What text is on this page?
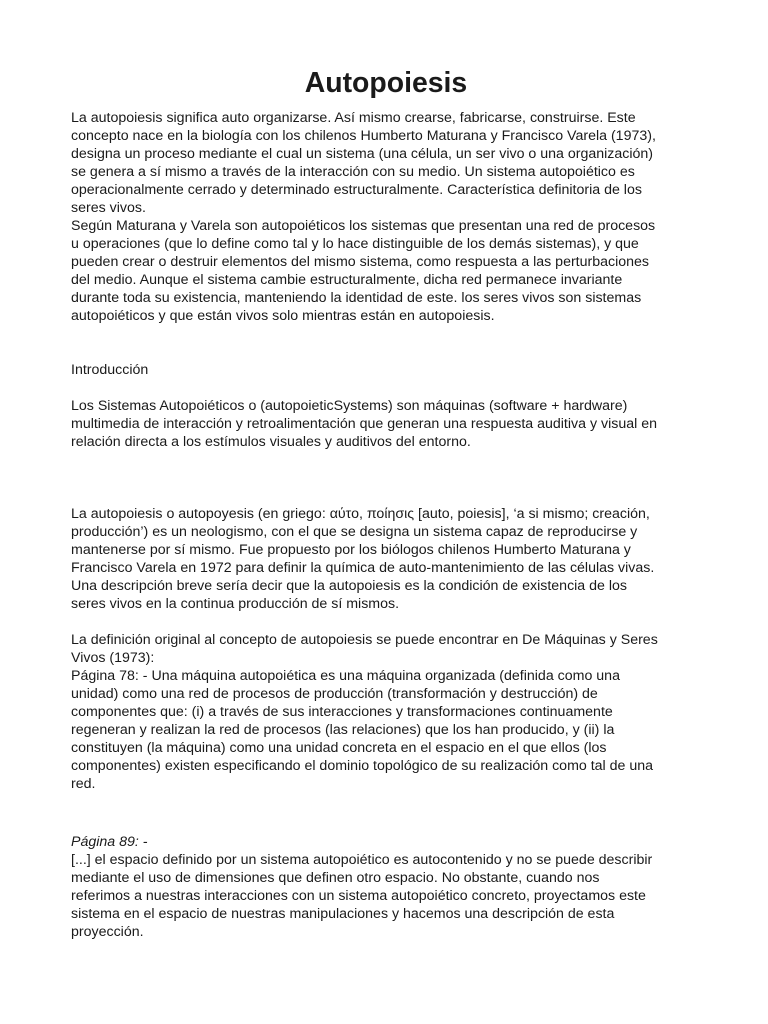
Autopoiesis

La autopoiesis significa auto organizarse. Así mismo crearse, fabricarse, construirse. Este
concepto nace en la biología con los chilenos Humberto Maturana y Francisco Varela (1973),
designa un proceso mediante el cual un sistema (una célula, un ser vivo o una organización)
se genera a sí mismo a través de la interacción con su medio. Un sistema autopoiético es
operacionalmente cerrado y determinado estructuralmente. Característica definitoria de los
seres vivos.

Según Maturana y Varela son autopoiéticos los sistemas que presentan una red de procesos
u operaciones (que lo define como tal y lo hace distinguible de los demás sistemas), y que
pueden crear o destruir elementos del mismo sistema, como respuesta a las perturbaciones
del medio. Aunque el sistema cambie estructuralmente, dicha red permanece invariante
durante toda su existencia, manteniendo la identidad de este. los seres vivos son sistemas
autopoiéticos y que están vivos solo mientras están en autopoiesis.

Introducción

Los Sistemas Autopoiéticos o (autopoieticSystems) son máquinas (software + hardware)
multimedia de interacción y retroalimentación que generan una respuesta auditiva y visual en
relación directa a los estímulos visuales y auditivos del entorno.

La autopoiesis o autopoyesis (en griego: αύτο, ποίησις [auto, poiesis], ‘a si mismo; creación,
producción’) es un neologismo, con el que se designa un sistema capaz de reproducirse y
mantenerse por sí mismo. Fue propuesto por los biólogos chilenos Humberto Maturana y
Francisco Varela en 1972 para definir la química de auto-mantenimiento de las células vivas.
Una descripción breve sería decir que la autopoiesis es la condición de existencia de los
seres vivos en la continua producción de sí mismos.

La definición original al concepto de autopoiesis se puede encontrar en De Máquinas y Seres
Vivos (1973):
Página 78: - Una máquina autopoiética es una máquina organizada (definida como una
unidad) como una red de procesos de producción (transformación y destrucción) de
componentes que: (i) a través de sus interacciones y transformaciones continuamente
regeneran y realizan la red de procesos (las relaciones) que los han producido, y (ii) la
constituyen (la máquina) como una unidad concreta en el espacio en el que ellos (los
componentes) existen especificando el dominio topológico de su realización como tal de una
red.

Página 89: -

[...] el espacio definido por un sistema autopoiético es autocontenido y no se puede describir
mediante el uso de dimensiones que definen otro espacio. No obstante, cuando nos
referimos a nuestras interacciones con un sistema autopoiético concreto, proyectamos este
sistema en el espacio de nuestras manipulaciones y hacemos una descripción de esta
proyección.
